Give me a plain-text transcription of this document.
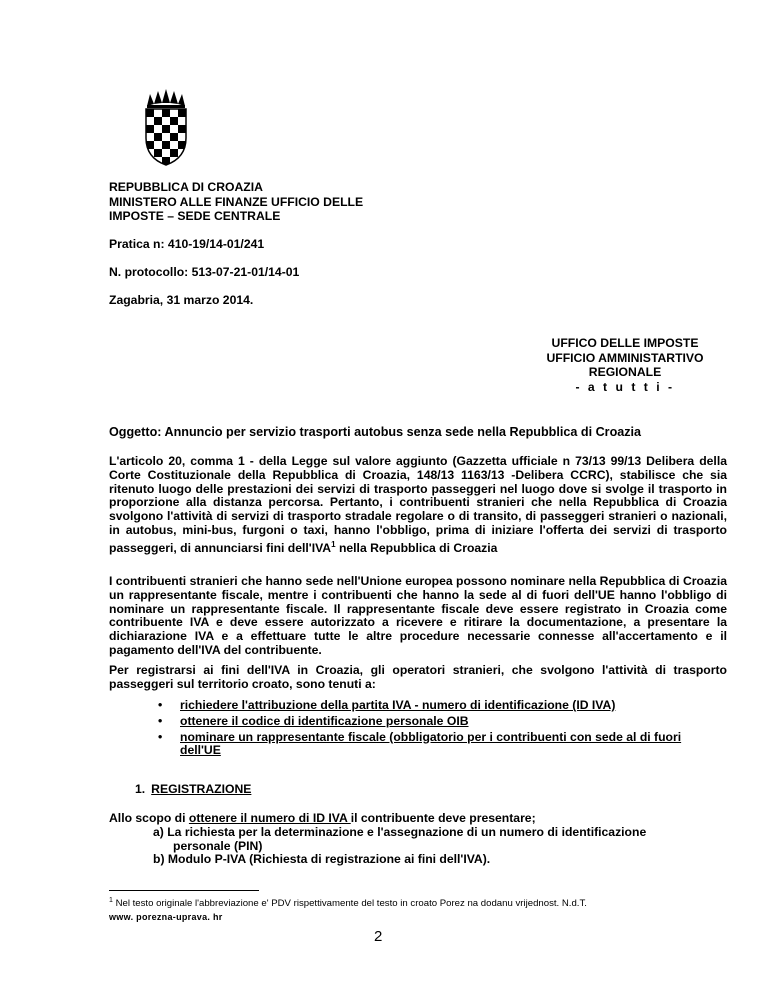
REPUBBLICA DI CROAZIA
MINISTERO ALLE FINANZE UFFICIO DELLE
IMPOSTE – SEDE CENTRALE
Pratica n: 410-19/14-01/241
N. protocollo: 513-07-21-01/14-01
Zagabria, 31 marzo 2014.
UFFICO DELLE IMPOSTE
UFFICIO AMMINISTARTIVO
REGIONALE
- a t u t t i -
Oggetto: Annuncio per servizio trasporti autobus senza sede nella Repubblica di Croazia
L'articolo 20, comma 1 - della Legge sul valore aggiunto (Gazzetta ufficiale n 73/13 99/13 Delibera della Corte Costituzionale della Repubblica di Croazia, 148/13 1163/13 -Delibera CCRC), stabilisce che sia ritenuto luogo delle prestazioni dei servizi di trasporto passeggeri nel luogo dove si svolge il trasporto in proporzione alla distanza percorsa. Pertanto, i contribuenti stranieri che nella Repubblica di Croazia svolgono l'attività di servizi di trasporto stradale regolare o di transito, di passeggeri stranieri o nazionali, in autobus, mini-bus, furgoni o taxi, hanno l'obbligo, prima di iniziare l'offerta dei servizi di trasporto passeggeri, di annunciarsi fini dell'IVA$^1$ nella Repubblica di Croazia
I contribuenti stranieri che hanno sede nell'Unione europea possono nominare nella Repubblica di Croazia un rappresentante fiscale, mentre i contribuenti che hanno la sede al di fuori dell'UE hanno l'obbligo di nominare un rappresentante fiscale. Il rappresentante fiscale deve essere registrato in Croazia come contribuente IVA e deve essere autorizzato a ricevere e ritirare la documentazione, a presentare la dichiarazione IVA e a effettuare tutte le altre procedure necessarie connesse all'accertamento e il pagamento dell'IVA del contribuente.
Per registrarsi ai fini dell'IVA in Croazia, gli operatori stranieri, che svolgono l'attività di trasporto passeggeri sul territorio croato, sono tenuti a:
• richiedere l'attribuzione della partita IVA - numero di identificazione (ID IVA)
• ottenere il codice di identificazione personale OIB
• nominare un rappresentante fiscale (obbligatorio per i contribuenti con sede al di fuori dell'UE
1. REGISTRAZIONE
Allo scopo di ottenere il numero di ID IVA il contribuente deve presentare;
a) La richiesta per la determinazione e l'assegnazione di un numero di identificazione
personale (PIN)
b) Modulo P-IVA (Richiesta di registrazione ai fini dell'IVA).
$^1$ Nel testo originale l'abbreviazione e' PDV rispettivamente del testo in croato Porez na dodanu vrijednost. N.d.T.
www. porezna-uprava. hr
2
